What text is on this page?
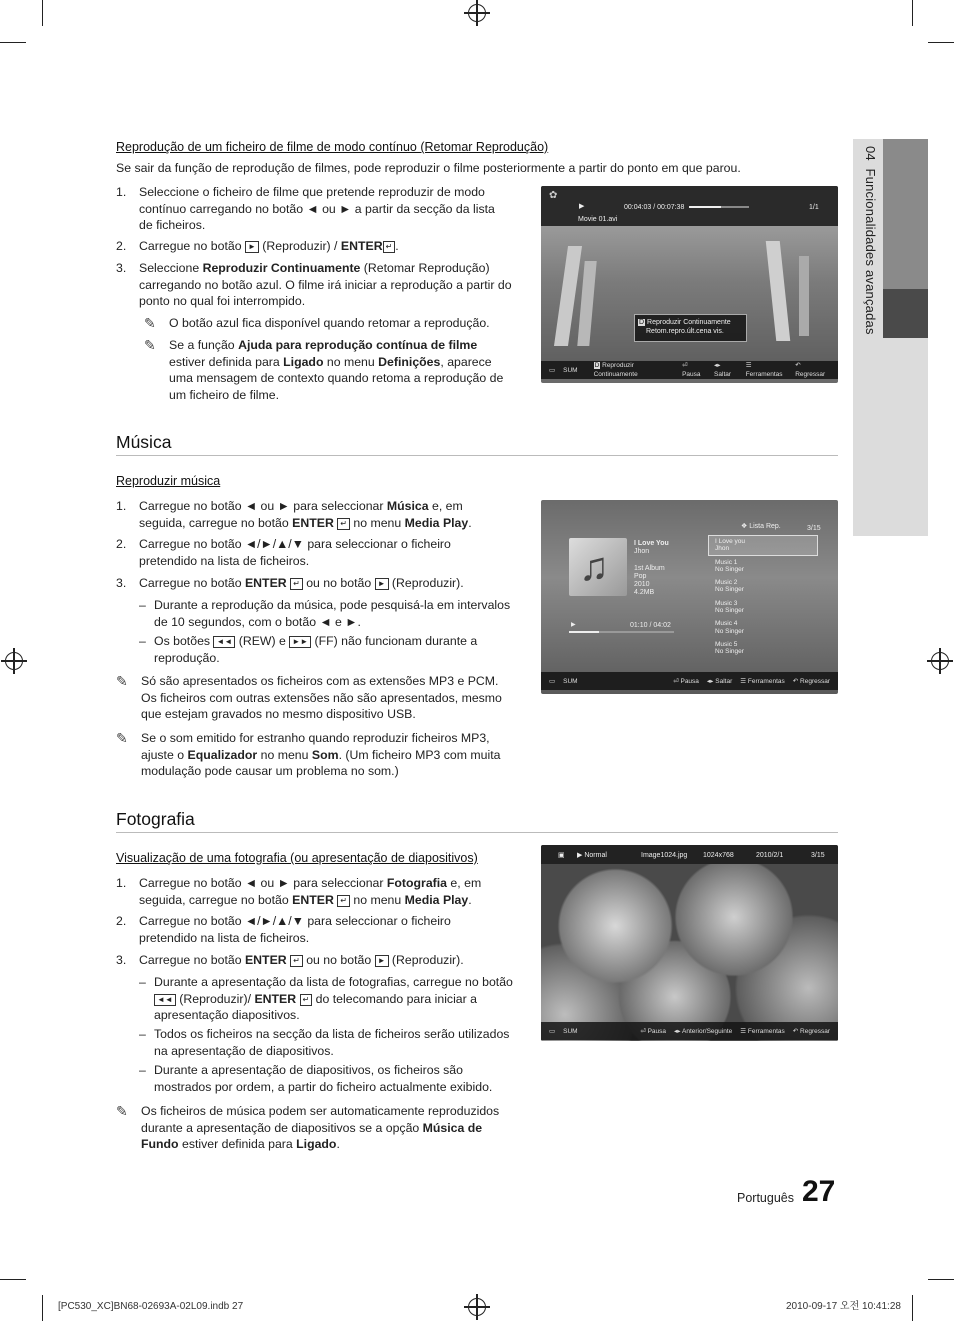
04  Funcionalidades avançadas
Reprodução de um ficheiro de filme de modo contínuo (Retomar Reprodução)
Se sair da função de reprodução de filmes, pode reproduzir o filme posteriormente a partir do ponto em que parou.
1.	Seleccione o ficheiro de filme que pretende reproduzir de modo
contínuo carregando no botão ◄ ou ► a partir da secção da lista
de ficheiros.
2.	Carregue no botão ► (Reproduzir) / ENTER ↵ .
3.	Seleccione Reproduzir Continuamente (Retomar Reprodução)
carregando no botão azul. O filme irá iniciar a reprodução a partir do
ponto no qual foi interrompido.
✎ O botão azul fica disponível quando retomar a reprodução.
✎ Se a função Ajuda para reprodução contínua de filme
estiver definida para Ligado no menu Definições, aparece
uma mensagem de contexto quando retoma a reprodução de
um ficheiro de filme.
✿
▶	00:04:03 / 00:07:38	1/1
Movie 01.avi
D Reproduzir Continuamente
Retom.repro.últ.cena vis.
▭ SUM
D Reproduzir Continuamente
⏎ Pausa
◂▸ Saltar
☰ Ferramentas
↶ Regressar
Música
Reproduzir música
1.	Carregue no botão ◄ ou ► para seleccionar Música e, em
seguida, carregue no botão ENTER ↵ no menu Media Play.
2.	Carregue no botão ◄/►/▲/▼ para seleccionar o ficheiro
pretendido na lista de ficheiros.
3.	Carregue no botão ENTER ↵ ou no botão ► (Reproduzir).
– Durante a reprodução da música, pode pesquisá-la em intervalos
de 10 segundos, com o botão ◄ e ►.
– Os botões ◄◄ (REW) e ►► (FF) não funcionam durante a
reprodução.
✎ Só são apresentados os ficheiros com as extensões MP3 e PCM.
Os ficheiros com outras extensões não são apresentados, mesmo
que estejam gravados no mesmo dispositivo USB.
✎ Se o som emitido for estranho quando reproduzir ficheiros MP3,
ajuste o Equalizador no menu Som. (Um ficheiro MP3 com muita
modulação pode causar um problema no som.)
♫
I Love You
Jhon
1st Album
Pop
2010
4.2MB
▶	01:10 / 04:02
❖ Lista Rep.	3/15
I Love you
Jhon
Music 1
No Singer
Music 2
No Singer
Music 3
No Singer
Music 4
No Singer
Music 5
No Singer
▭ SUM	⏎ Pausa ◂▸ Saltar ☰ Ferramentas ↶ Regressar
Fotografia
Visualização de uma fotografia (ou apresentação de diapositivos)
1.	Carregue no botão ◄ ou ► para seleccionar Fotografia e, em
seguida, carregue no botão ENTER ↵ no menu Media Play.
2.	Carregue no botão ◄/►/▲/▼ para seleccionar o ficheiro
pretendido na lista de ficheiros.
3.	Carregue no botão ENTER ↵ ou no botão ► (Reproduzir).
– Durante a apresentação da lista de fotografias, carregue no botão
◄◄ (Reproduzir)/ ENTER ↵ do telecomando para iniciar a
apresentação diapositivos.
– Todos os ficheiros na secção da lista de ficheiros serão utilizados
na apresentação de diapositivos.
– Durante a apresentação de diapositivos, os ficheiros são
mostrados por ordem, a partir do ficheiro actualmente exibido.
✎ Os ficheiros de música podem ser automaticamente reproduzidos
durante a apresentação de diapositivos se a opção Música de
Fundo estiver definida para Ligado.
▣ ▶ Normal	Image1024.jpg 1024x768	2010/2/1	3/15
▭ SUM	⏎ Pausa ◂▸ Anterior/Seguinte ☰ Ferramentas ↶ Regressar
Português 27
[PC530_XC]BN68-02693A-02L09.indb 27	2010-09-17 오전 10:41:28
